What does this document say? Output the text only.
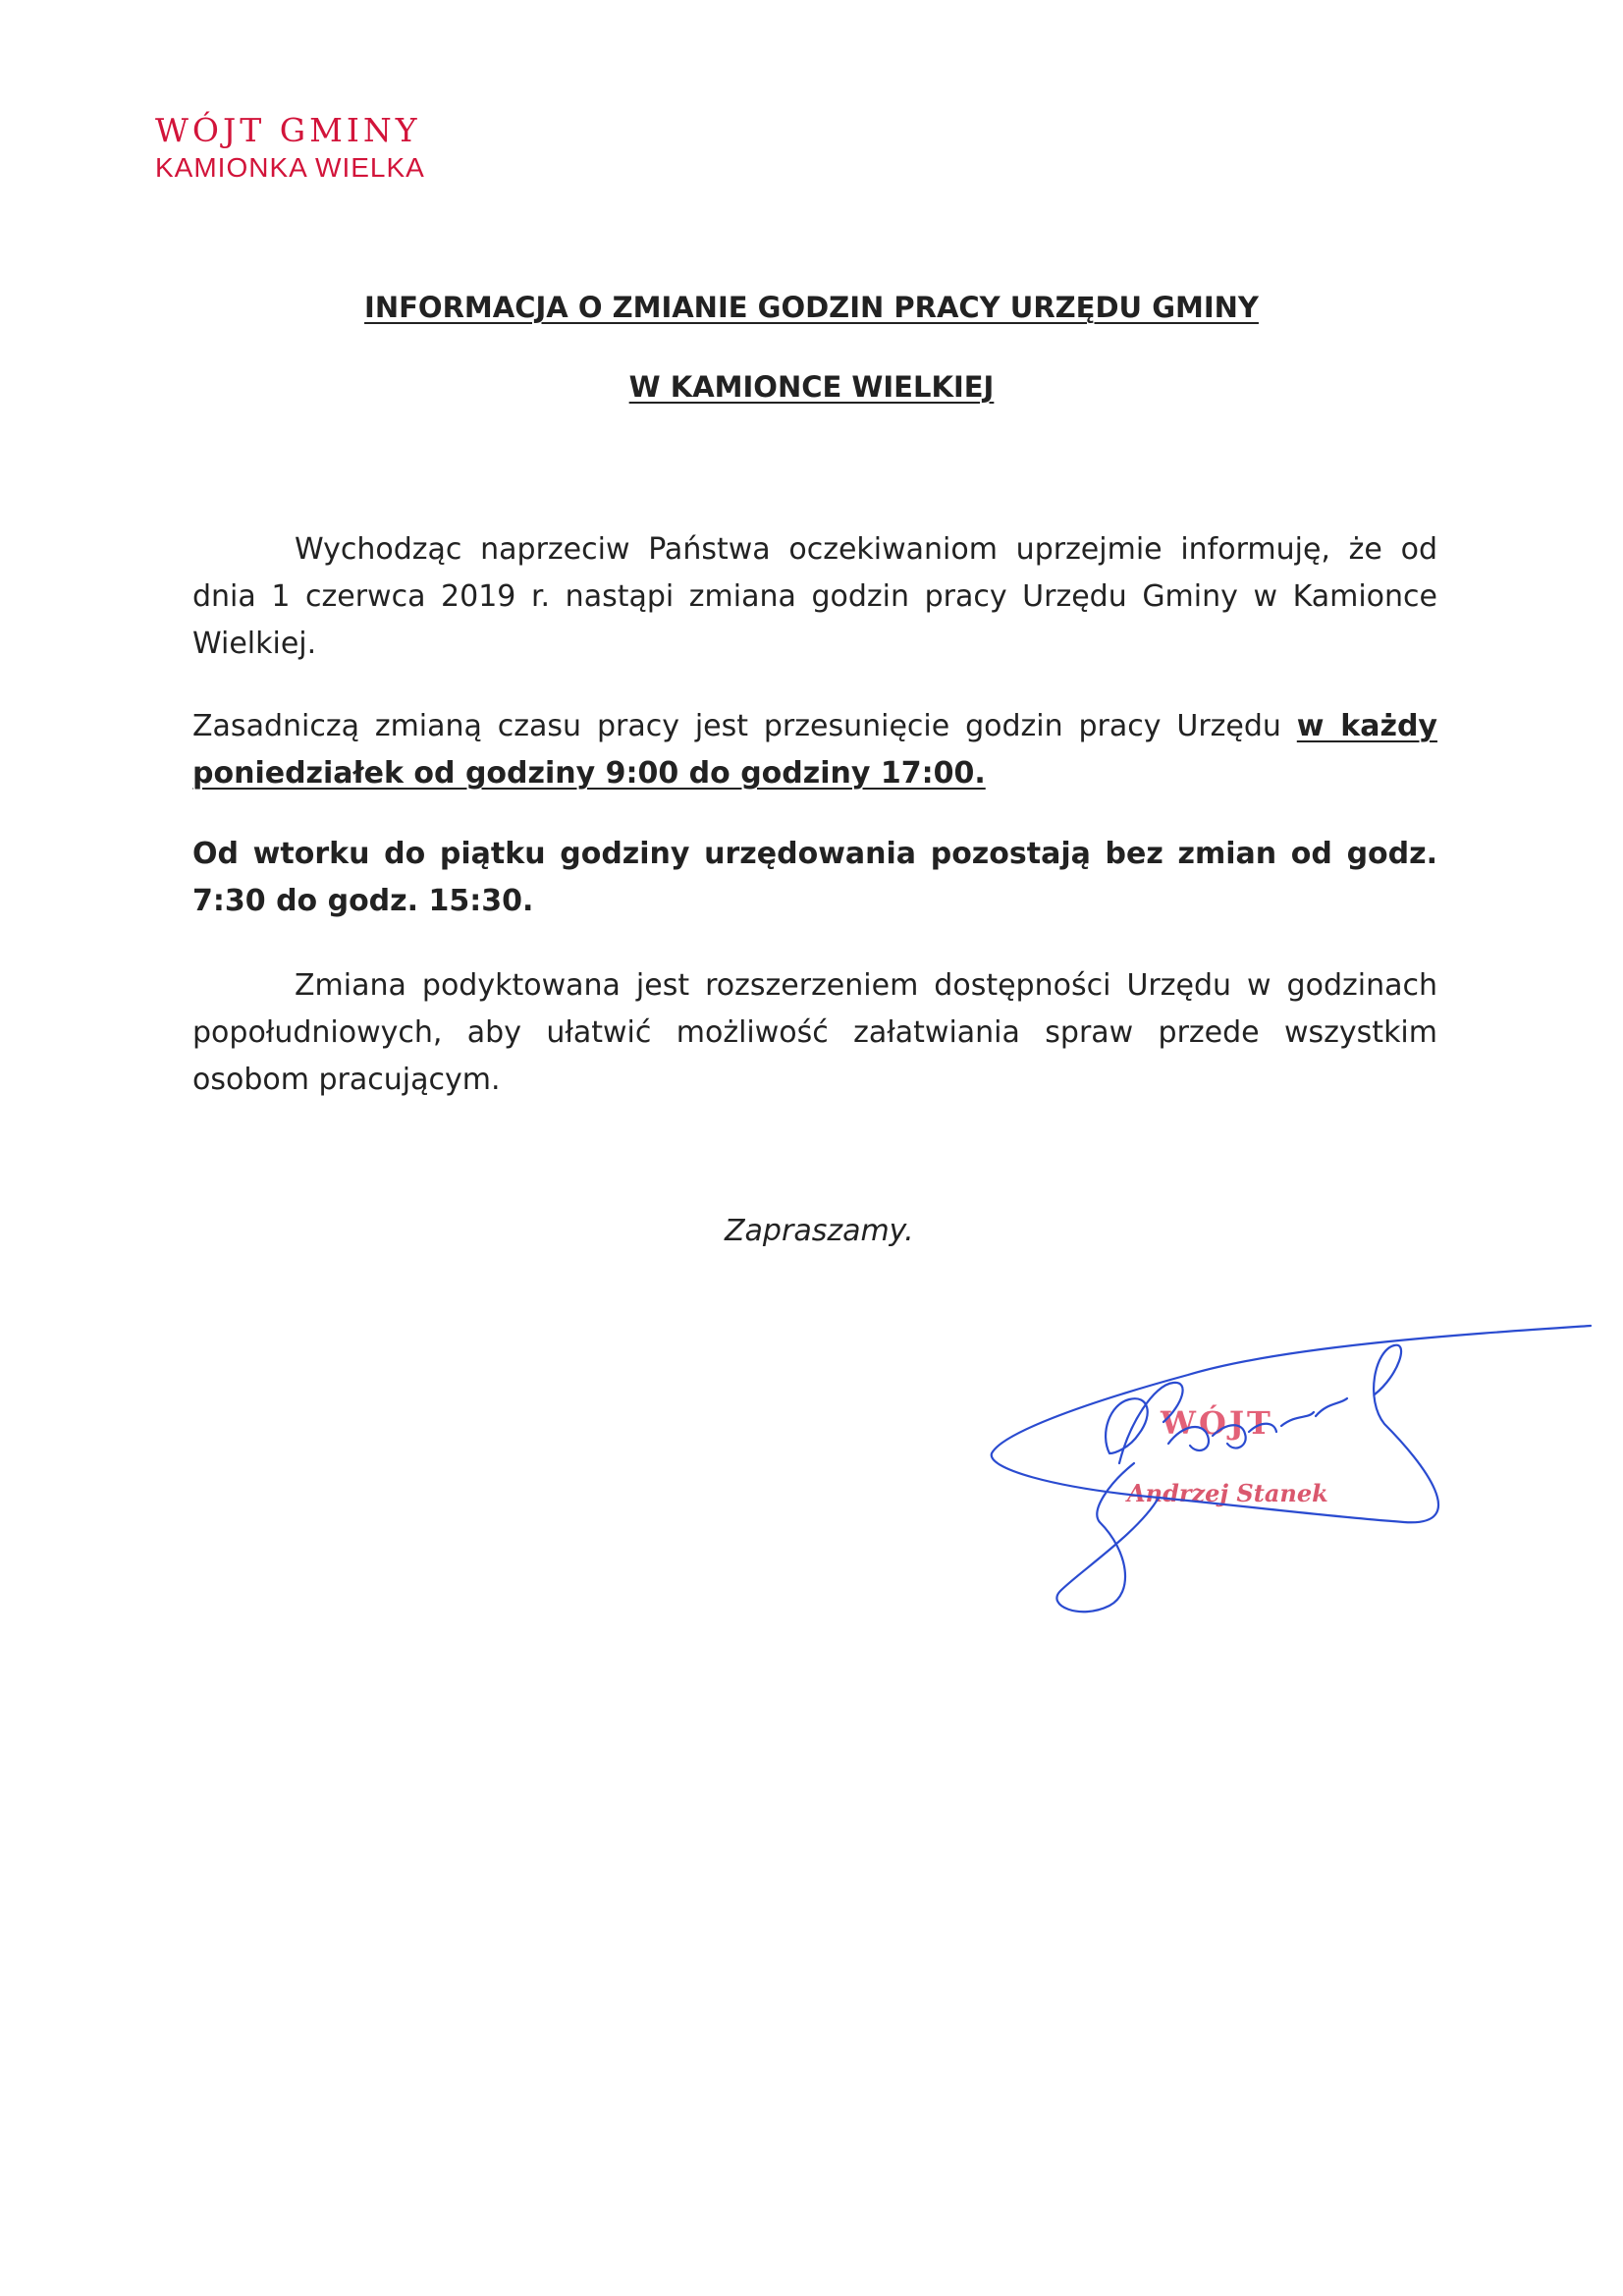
WÓJT GMINY
KAMIONKA WIELKA

INFORMACJA O ZMIANIE GODZIN PRACY URZĘDU GMINY

W KAMIONCE WIELKIEJ

Wychodząc naprzeciw Państwa oczekiwaniom uprzejmie informuję, że od dnia 1 czerwca 2019 r. nastąpi zmiana godzin pracy Urzędu Gminy w Kamionce Wielkiej.

Zasadniczą zmianą czasu pracy jest przesunięcie godzin pracy Urzędu w każdy poniedziałek od godziny 9:00 do godziny 17:00.

Od wtorku do piątku godziny urzędowania pozostają bez zmian od godz. 7:30 do godz. 15:30.

Zmiana podyktowana jest rozszerzeniem dostępności Urzędu w godzinach popołudniowych, aby ułatwić możliwość załatwiania spraw przede wszystkim osobom pracującym.

Zapraszamy.

WÓJT
Andrzej Stanek
